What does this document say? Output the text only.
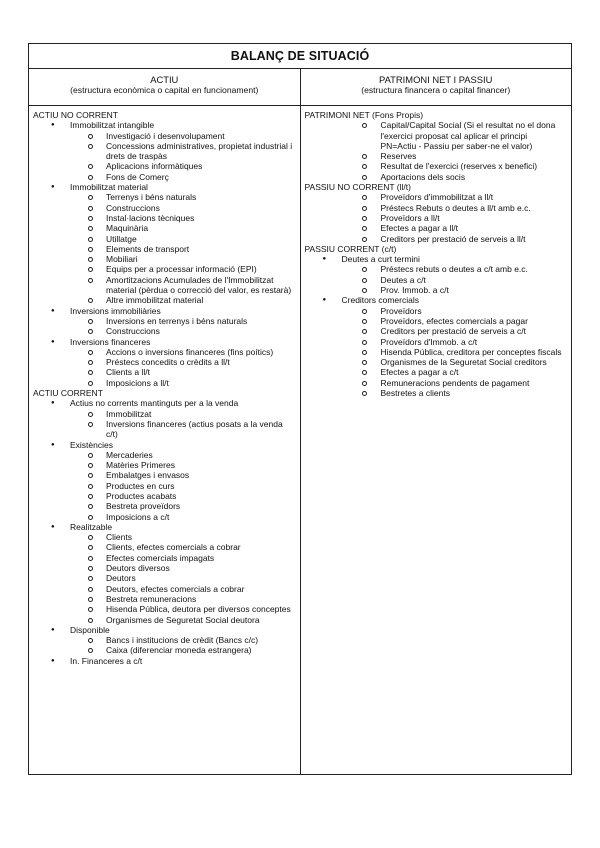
BALANÇ DE SITUACIÓ
ACTIU
(estructura econòmica o capital en funcionament)
PATRIMONI NET I PASSIU
(estructura financera o capital financer)
ACTIU NO CORRENT
● Immobilitzat intangible
Investigació i desenvolupament
Concessions administratives, propietat industrial i drets de traspàs
Aplicacions informàtiques
Fons de Comerç
● Immobilitzat material
Terrenys i béns naturals
Construccions
Instal·lacions tècniques
Maquinària
Utillatge
Elements de transport
Mobiliari
Equips per a processar informació (EPI)
Amortitzacions Acumulades de l'Immobilitzat material (pèrdua o correcció del valor, es restarà)
Altre immobilitzat material
● Inversions immobiliàries
Inversions en terrenys i béns naturals
Construccions
● Inversions financeres
Accions o inversions financeres (fins poítics)
Préstecs concedits o crèdits a ll/t
Clients a ll/t
Imposicions a ll/t
ACTIU CORRENT
● Actius no corrents mantinguts per a la venda
Immobilitzat
Inversions financeres (actius posats a la venda c/t)
● Existències
Mercaderies
Matèries Primeres
Embalatges i envasos
Productes en curs
Productes acabats
Bestreta proveïdors
Imposicions a c/t
● Realitzable
Clients
Clients, efectes comercials a cobrar
Efectes comercials impagats
Deutors diversos
Deutors
Deutors, efectes comercials a cobrar
Bestreta remuneracions
Hisenda Pública, deutora per diversos conceptes
Organismes de Seguretat Social deutora
● Disponible
Bancs i institucions de crèdit (Bancs c/c)
Caixa (diferenciar moneda estrangera)
● In. Financeres a c/t
PATRIMONI NET (Fons Propis)
Capital/Capital Social (Si el resultat no el dona l'exercici proposat cal aplicar el principi PN=Actiu - Passiu per saber-ne el valor)
Reserves
Resultat de l'exercici (reserves x benefici)
Aportacions dels socis
PASSIU NO CORRENT (ll/t)
Proveïdors d'immobilitzat a ll/t
Préstecs Rebuts o deutes a ll/t amb e.c.
Proveïdors a ll/t
Efectes a pagar a ll/t
Creditors per prestació de serveis a ll/t
PASSIU CORRENT (c/t)
● Deutes a curt termini
Préstecs rebuts o deutes a c/t amb e.c.
Deutes a c/t
Prov. Immob. a c/t
● Creditors comercials
Proveïdors
Proveïdors, efectes comercials a pagar
Creditors per prestació de serveis a c/t
Proveïdors d'Immob. a c/t
Hisenda Pública, creditora per conceptes fiscals
Organismes de la Seguretat Social creditors
Efectes a pagar a c/t
Remuneracions pendents de pagament
Bestretes a clients
